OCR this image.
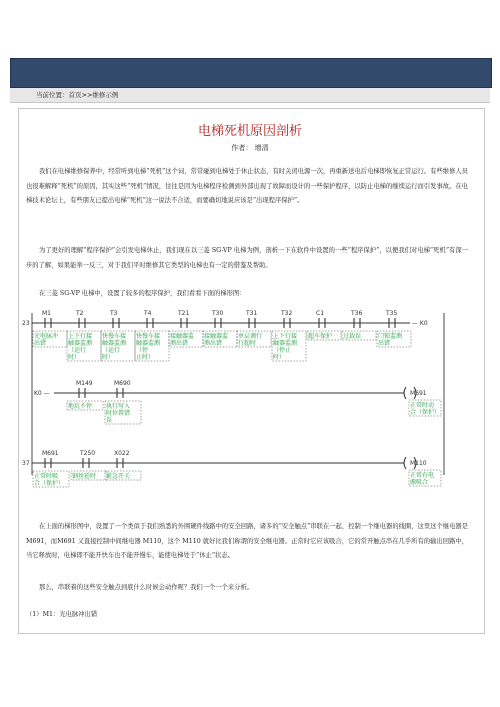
当前位置：首页>>维修示例
电梯死机原因剖析
作者： 增清

我们在电梯维修保养中，经常听到电梯“死机”这个词，常常碰到电梯处于休止状态，有时关闭电源一次，再重新送电后电梯即恢复正常运行。有些维修人员也很难解释“死机”的原因，其实这些“死机”情况，往往是因为电梯程序检测到外部出现了故障而设计的一些保护程序，以防止电梯的继续运行而引发事故。在电梯技术论坛上，有些朋友已提出电梯“死机”这一说法不合适，而要确切地说应该是“出现程序保护”。

为了更好的理解“程序保护”会引发电梯休止，我们现在以三菱 SG-VP 电梯为例，剖析一下在软件中设置的一些“程序保护”，以便我们对电梯“死机”有深一步的了解，如果能举一反三，对于我们平时维修其它类型的电梯也有一定的借鉴及帮助。

在三菱 SG-VP 电梯中，设置了较多的程序保护，我们看看下面的梯形图：

23
M1
光电脉冲
出错
T2
上下行接
触器监测
（运行
时）
T3
快慢车接
触器监测
（运行
时）
T4
快慢车接
触器监测
（停
止时）
T21
接触器监
测出错
T30
接触器监
测出错
T31
单层调行
行超时
T32
上下行接
触器监测
（停止
时）
C1
超车保护
T36
过载误
T35
门锁监测
出错
— K0
K0 —
M149
地坑不停
M690
执行写入
时位置错
误
M691
正常时动
合（保护）
37
M691
正常时吸
合（保护）
T250
钢丝延时
X022
紧急开关
M110
正常有电
源吸合

在上面的梯形图中，设置了一个类似于我们熟悉的外围硬件线路中的安全回路，诸多的“安全触点”串联在一起，控制一个继电器的线圈，这里这个继电器是M691，而M691 又直接控制中间继电器 M110，这个 M110 就好比我们称谓的安全继电器。正常时它应该吸合，它的常开触点串在几乎所有的输出回路中，当它释放时，电梯即不能开快车也不能开慢车，能使电梯处于“休止”状态。

那么，串联着的这些安全触点到底什么时候会动作呢？我们一个一个来分析。

（1）M1：光电脉冲出错
